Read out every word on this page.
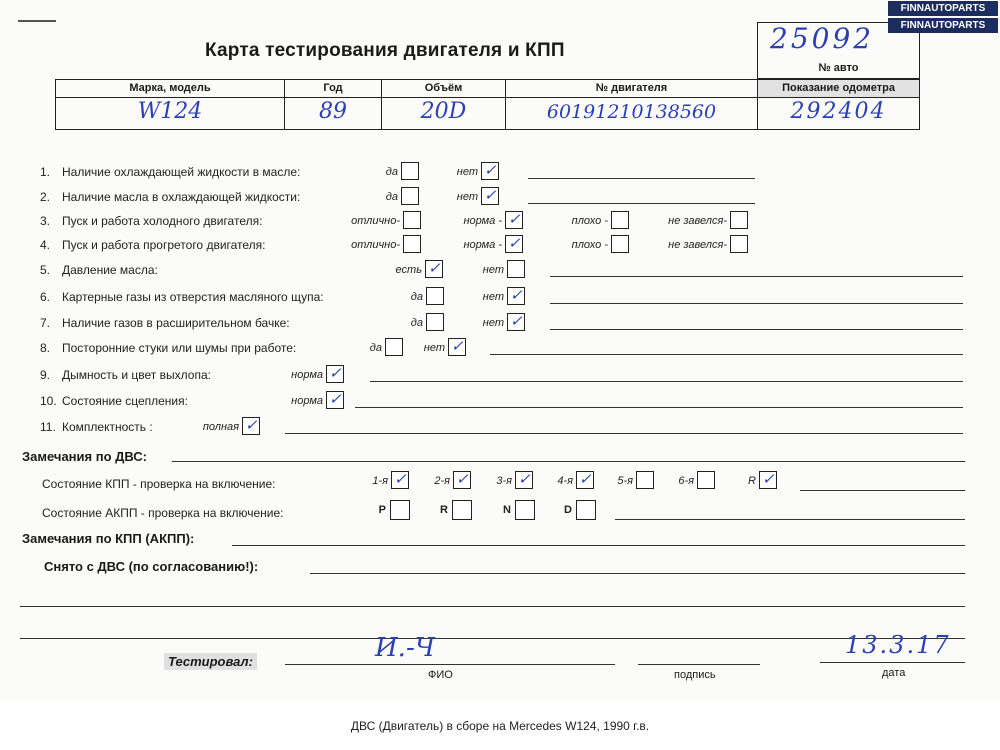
Карта тестирования двигателя и КПП	25092
№ авто
Марка, модель	Год	Объём	№ двигателя	Показание одометра
W124	89	20D	60191210138560	292404
1. Наличие охлаждающей жидкости в масле:	да	нет ✓
2. Наличие масла в охлаждающей жидкости:	да	нет ✓
3. Пуск и работа холодного двигателя:	отлично-	норма - ✓	плохо -	не завелся-
4. Пуск и работа прогретого двигателя:	отлично-	норма - ✓	плохо -	не завелся-
5. Давление масла:	есть ✓	нет
6. Картерные газы из отверстия масляного щупа:	да	нет ✓
7. Наличие газов в расширительном бачке:	да	нет ✓
8. Посторонние стуки или шумы при работе:	да	нет ✓
9. Дымность и цвет выхлопа:	норма ✓
10. Состояние сцепления:	норма ✓
11. Комплектность :	полная ✓
Замечания по ДВС:
Состояние КПП - проверка на включение:	1-я ✓	2-я ✓	3-я ✓ 4-я ✓ 5-я	6-я	R ✓
Состояние АКПП - проверка на включение:	P	R	N	D
Замечания по КПП (АКПП):
Снято с ДВС (по согласованию!):
Тестировал:	И.-Ч
ФИО	подпись
13.3.17
дата
FINNAUTOPARTS
FINNAUTOPARTS
ДВС (Двигатель) в сборе на Mercedes W124, 1990 г.в.
